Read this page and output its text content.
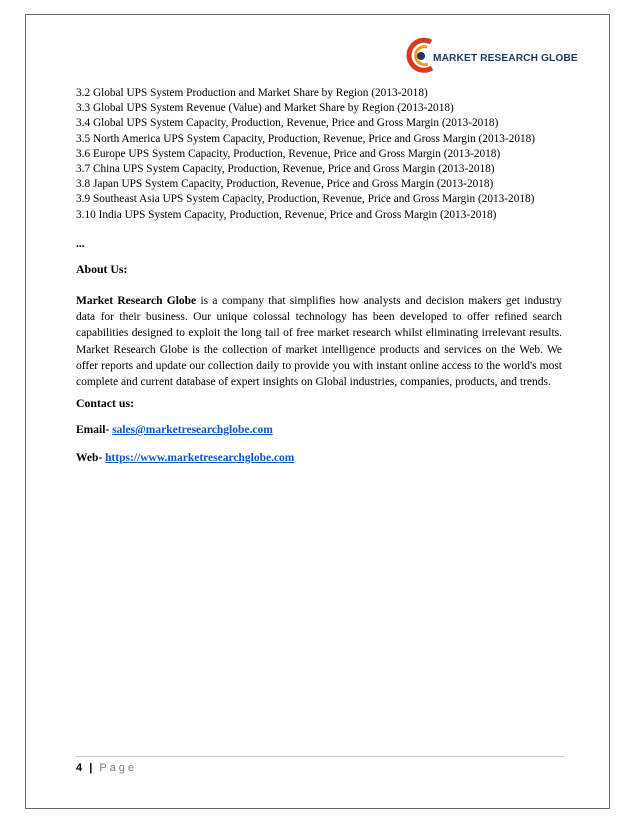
MARKET RESEARCH GLOBE
3.2 Global UPS System Production and Market Share by Region (2013-2018)
3.3 Global UPS System Revenue (Value) and Market Share by Region (2013-2018)
3.4 Global UPS System Capacity, Production, Revenue, Price and Gross Margin (2013-2018)
3.5 North America UPS System Capacity, Production, Revenue, Price and Gross Margin (2013-2018)
3.6 Europe UPS System Capacity, Production, Revenue, Price and Gross Margin (2013-2018)
3.7 China UPS System Capacity, Production, Revenue, Price and Gross Margin (2013-2018)
3.8 Japan UPS System Capacity, Production, Revenue, Price and Gross Margin (2013-2018)
3.9 Southeast Asia UPS System Capacity, Production, Revenue, Price and Gross Margin (2013-2018)
3.10 India UPS System Capacity, Production, Revenue, Price and Gross Margin (2013-2018)
...
About Us:
Market Research Globe is a company that simplifies how analysts and decision makers get industry data for their business. Our unique colossal technology has been developed to offer refined search capabilities designed to exploit the long tail of free market research whilst eliminating irrelevant results. Market Research Globe is the collection of market intelligence products and services on the Web. We offer reports and update our collection daily to provide you with instant online access to the world's most complete and current database of expert insights on Global industries, companies, products, and trends.
Contact us:
Email- sales@marketresearchglobe.com
Web- https://www.marketresearchglobe.com
4 | Page
